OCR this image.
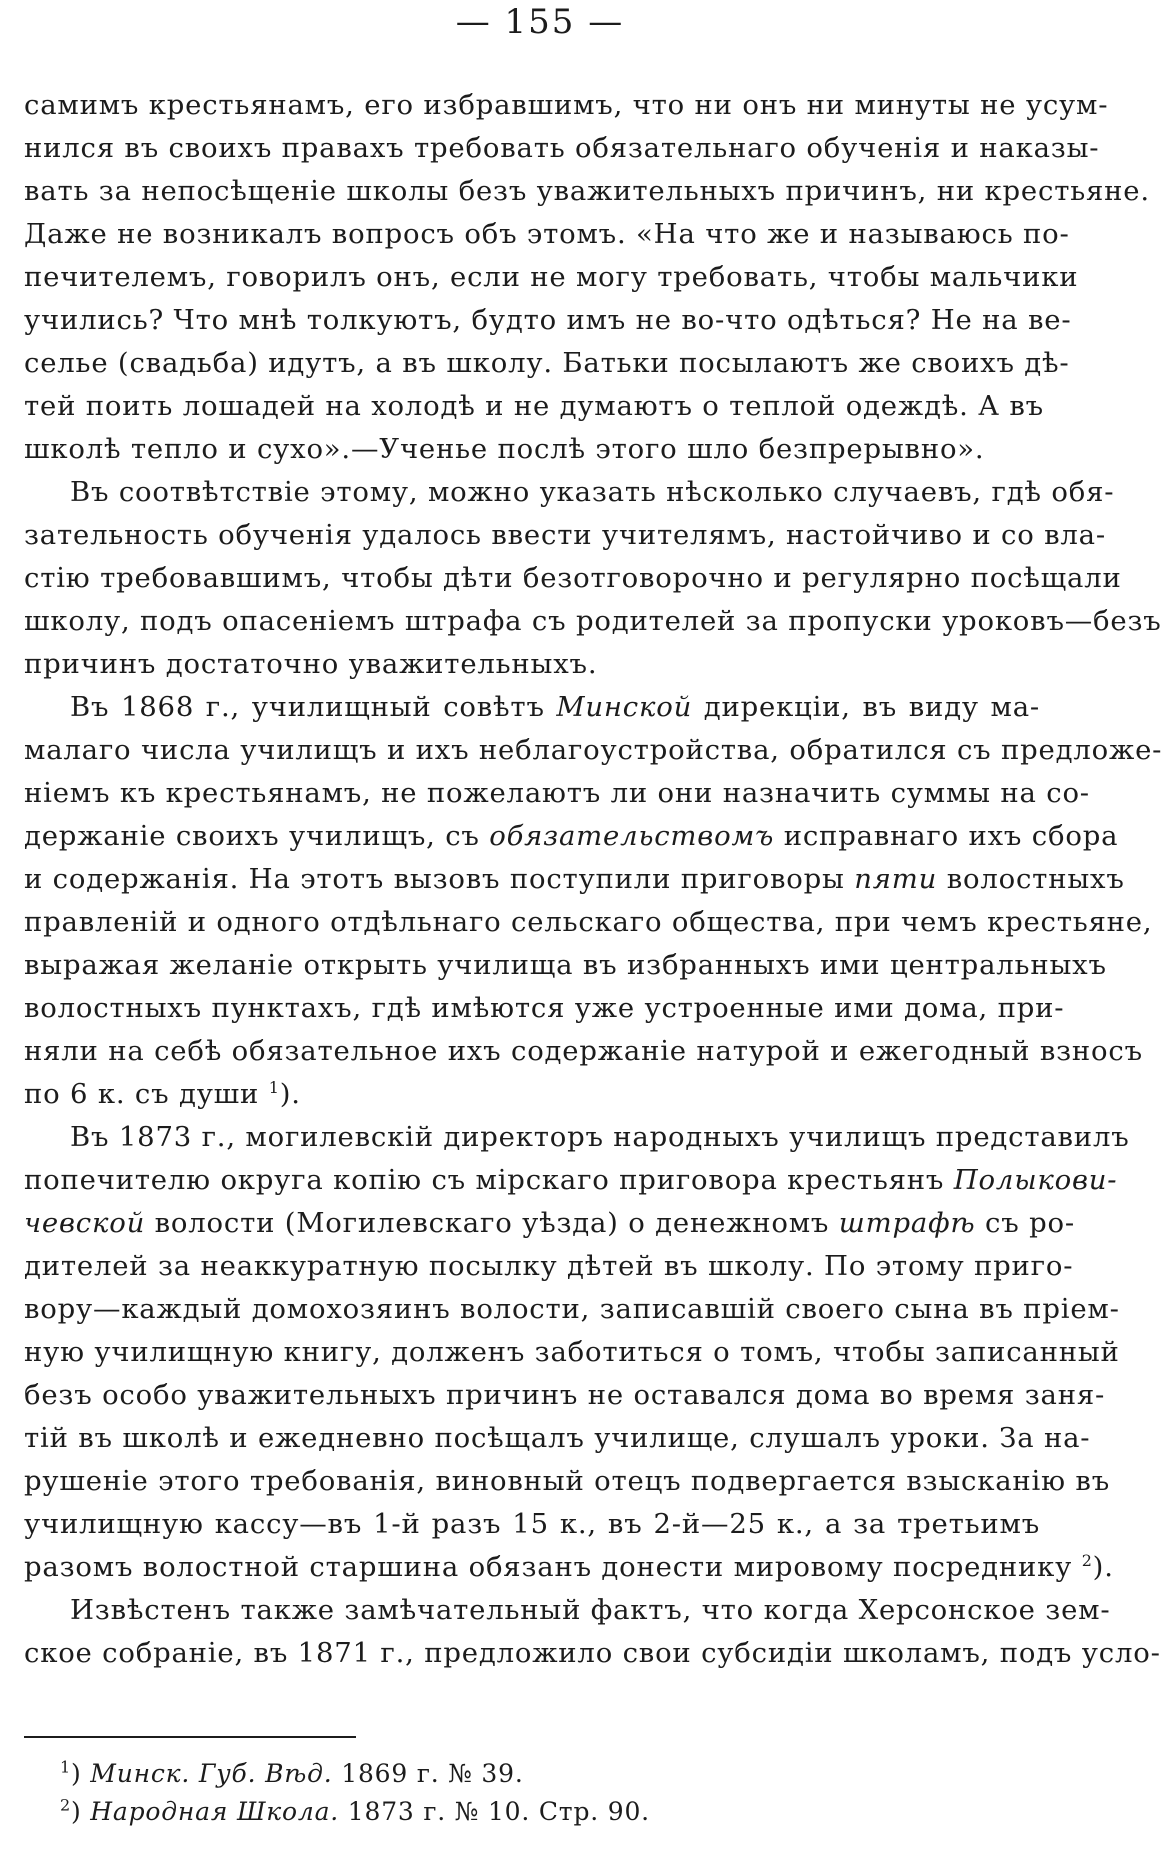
— 155 —
самимъ крестьянамъ, его избравшимъ, что ни онъ ни минуты не усум-
нился въ своихъ правахъ требовать обязательнаго обученія и наказы-
вать за непосѣщеніе школы безъ уважительныхъ причинъ, ни крестьяне.
Даже не возникалъ вопросъ объ этомъ. «На что же и называюсь по-
печителемъ, говорилъ онъ, если не могу требовать, чтобы мальчики
учились? Что мнѣ толкуютъ, будто имъ не во-что одѣться? Не на ве-
селье (свадьба) идутъ, а въ школу. Батьки посылаютъ же своихъ дѣ-
тей поить лошадей на холодѣ и не думаютъ о теплой одеждѣ. А въ
школѣ тепло и сухо».—Ученье послѣ этого шло безпрерывно».
Въ соотвѣтствіе этому, можно указать нѣсколько случаевъ, гдѣ обя-
зательность обученія удалось ввести учителямъ, настойчиво и со вла-
стію требовавшимъ, чтобы дѣти безотговорочно и регулярно посѣщали
школу, подъ опасеніемъ штрафа съ родителей за пропуски уроковъ—безъ
причинъ достаточно уважительныхъ.
Въ 1868 г., училищный совѣтъ Минской дирекціи, въ виду ма-
малаго числа училищъ и ихъ неблагоустройства, обратился съ предложе-
ніемъ къ крестьянамъ, не пожелаютъ ли они назначить суммы на со-
держаніе своихъ училищъ, съ обязательствомъ исправнаго ихъ сбора
и содержанія. На этотъ вызовъ поступили приговоры пяти волостныхъ
правленій и одного отдѣльнаго сельскаго общества, при чемъ крестьяне,
выражая желаніе открыть училища въ избранныхъ ими центральныхъ
волостныхъ пунктахъ, гдѣ имѣются уже устроенные ими дома, при-
няли на себѣ обязательное ихъ содержаніе натурой и ежегодный взносъ
по 6 к. съ души $^1$).
Въ 1873 г., могилевскій директоръ народныхъ училищъ представилъ
попечителю округа копію съ мірскаго приговора крестьянъ Полыкови-
чевской волости (Могилевскаго уѣзда) о денежномъ штрафѣ съ ро-
дителей за неаккуратную посылку дѣтей въ школу. По этому приго-
вору—каждый домохозяинъ волости, записавшій своего сына въ пріем-
ную училищную книгу, долженъ заботиться о томъ, чтобы записанный
безъ особо уважительныхъ причинъ не оставался дома во время заня-
тій въ школѣ и ежедневно посѣщалъ училище, слушалъ уроки. За на-
рушеніе этого требованія, виновный отецъ подвергается взысканію въ
училищную кассу—въ 1-й разъ 15 к., въ 2-й—25 к., а за третьимъ
разомъ волостной старшина обязанъ донести мировому посреднику $^2$).
Извѣстенъ также замѣчательный фактъ, что когда Херсонское зем-
ское собраніе, въ 1871 г., предложило свои субсидіи школамъ, подъ усло-
$^1$) Минск. Губ. Вѣд. 1869 г. № 39.
$^2$) Народная Школа. 1873 г. № 10. Стр. 90.
